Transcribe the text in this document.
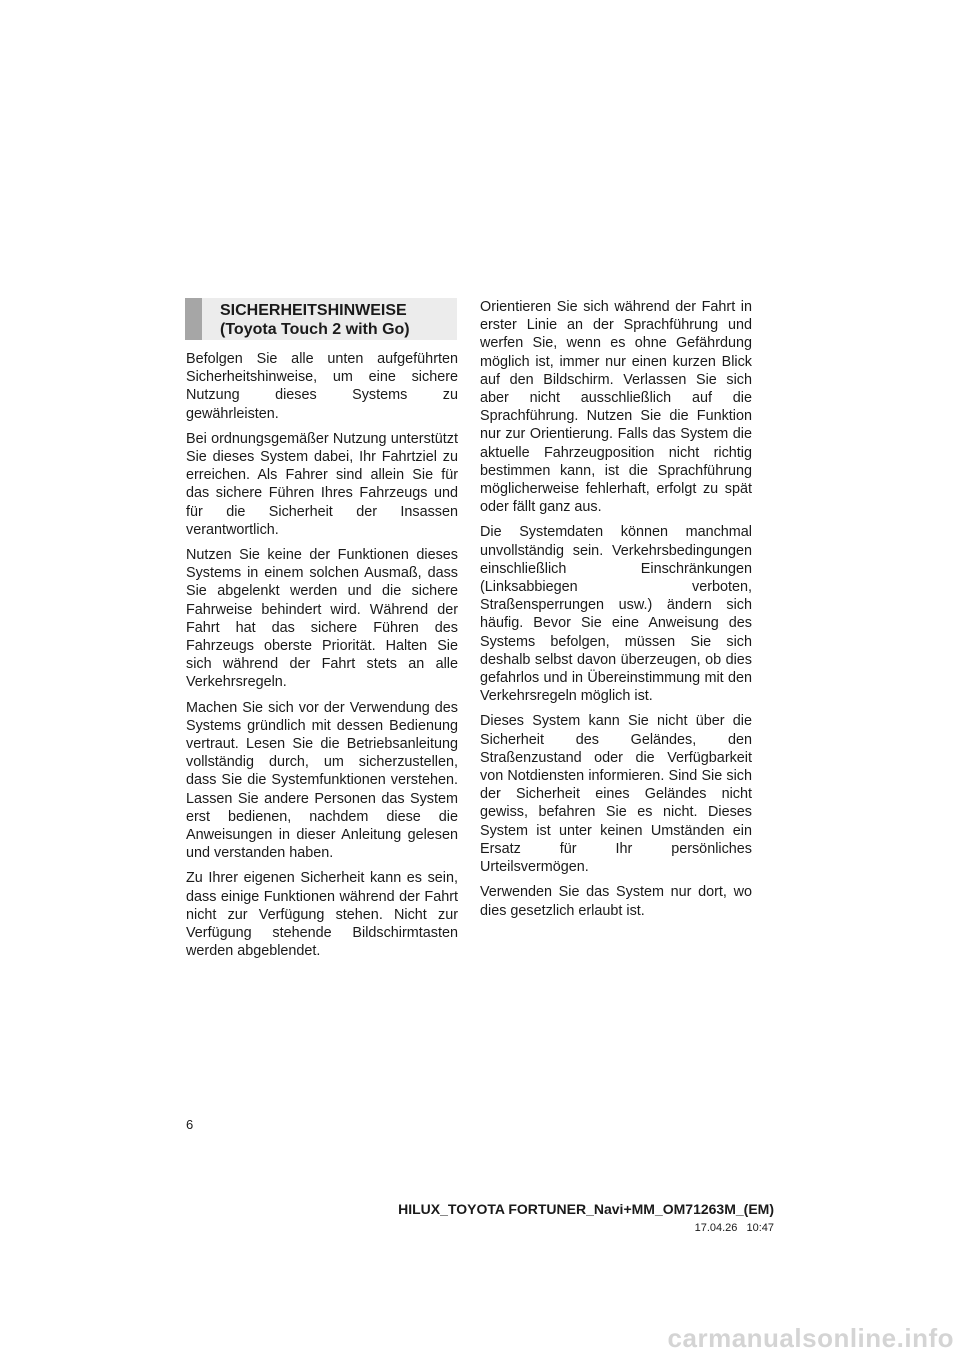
SICHERHEITSHINWEISE
(Toyota Touch 2 with Go)

Befolgen Sie alle unten aufgeführten Sicherheitshinweise, um eine sichere Nutzung dieses Systems zu gewährleisten.

Bei ordnungsgemäßer Nutzung unterstützt Sie dieses System dabei, Ihr Fahrtziel zu erreichen. Als Fahrer sind allein Sie für das sichere Führen Ihres Fahrzeugs und für die Sicherheit der Insassen verantwortlich.

Nutzen Sie keine der Funktionen dieses Systems in einem solchen Ausmaß, dass Sie abgelenkt werden und die sichere Fahrweise behindert wird. Während der Fahrt hat das sichere Führen des Fahrzeugs oberste Priorität. Halten Sie sich während der Fahrt stets an alle Verkehrsregeln.

Machen Sie sich vor der Verwendung des Systems gründlich mit dessen Bedienung vertraut. Lesen Sie die Betriebsanleitung vollständig durch, um sicherzustellen, dass Sie die Systemfunktionen verstehen. Lassen Sie andere Personen das System erst bedienen, nachdem diese die Anweisungen in dieser Anleitung gelesen und verstanden haben.

Zu Ihrer eigenen Sicherheit kann es sein, dass einige Funktionen während der Fahrt nicht zur Verfügung stehen. Nicht zur Verfügung stehende Bildschirmtasten werden abgeblendet.

Orientieren Sie sich während der Fahrt in erster Linie an der Sprachführung und werfen Sie, wenn es ohne Gefährdung möglich ist, immer nur einen kurzen Blick auf den Bildschirm. Verlassen Sie sich aber nicht ausschließlich auf die Sprachführung. Nutzen Sie die Funktion nur zur Orientierung. Falls das System die aktuelle Fahrzeugposition nicht richtig bestimmen kann, ist die Sprachführung möglicherweise fehlerhaft, erfolgt zu spät oder fällt ganz aus.

Die Systemdaten können manchmal unvollständig sein. Verkehrsbedingungen einschließlich Einschränkungen (Linksabbiegen verboten, Straßensperrungen usw.) ändern sich häufig. Bevor Sie eine Anweisung des Systems befolgen, müssen Sie sich deshalb selbst davon überzeugen, ob dies gefahrlos und in Übereinstimmung mit den Verkehrsregeln möglich ist.

Dieses System kann Sie nicht über die Sicherheit des Geländes, den Straßenzustand oder die Verfügbarkeit von Notdiensten informieren. Sind Sie sich der Sicherheit eines Geländes nicht gewiss, befahren Sie es nicht. Dieses System ist unter keinen Umständen ein Ersatz für Ihr persönliches Urteilsvermögen.

Verwenden Sie das System nur dort, wo dies gesetzlich erlaubt ist.

6
HILUX_TOYOTA FORTUNER_Navi+MM_OM71263M_(EM)
17.04.26 10:47
carmanualsonline.info
